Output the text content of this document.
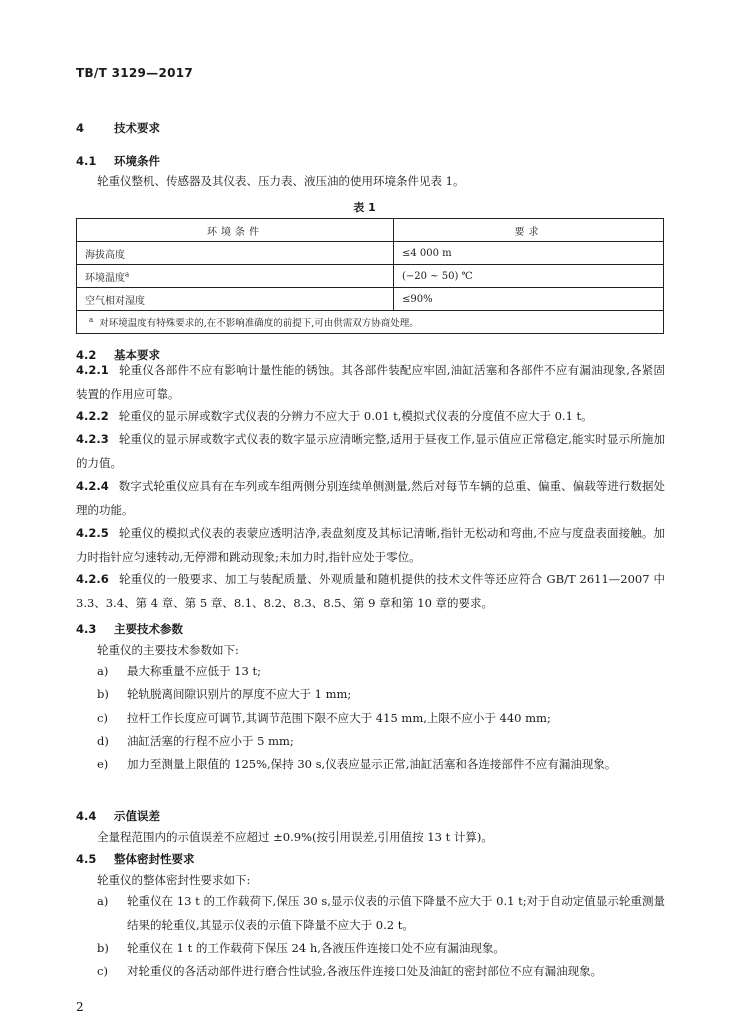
TB/T 3129—2017
4	技术要求
4.1 环境条件
轮重仪整机、传感器及其仪表、压力表、液压油的使用环境条件见表 1。
表 1
环境条件	要求
海拔高度	≤4 000 m
环境温度$^a$	(−20 ~ 50) ℃
空气相对湿度	≤90%
$^a$ 对环境温度有特殊要求的,在不影响准确度的前提下,可由供需双方协商处理。	
4.2 基本要求
4.2.1 轮重仪各部件不应有影响计量性能的锈蚀。其各部件装配应牢固,油缸活塞和各部件不应有漏油现象,各紧固装置的作用应可靠。
4.2.2 轮重仪的显示屏或数字式仪表的分辨力不应大于 0.01 t,模拟式仪表的分度值不应大于 0.1 t。
4.2.3 轮重仪的显示屏或数字式仪表的数字显示应清晰完整,适用于昼夜工作,显示值应正常稳定,能实时显示所施加的力值。
4.2.4 数字式轮重仪应具有在车列或车组两侧分别连续单侧测量,然后对每节车辆的总重、偏重、偏载等进行数据处理的功能。
4.2.5 轮重仪的模拟式仪表的表蒙应透明洁净,表盘刻度及其标记清晰,指针无松动和弯曲,不应与度盘表面接触。加力时指针应匀速转动,无停滞和跳动现象;未加力时,指针应处于零位。
4.2.6 轮重仪的一般要求、加工与装配质量、外观质量和随机提供的技术文件等还应符合 GB/T 2611—2007 中 3.3、3.4、第 4 章、第 5 章、8.1、8.2、8.3、8.5、第 9 章和第 10 章的要求。
4.3 主要技术参数
轮重仪的主要技术参数如下:
a) 最大称重量不应低于 13 t;
b) 轮轨脱离间隙识别片的厚度不应大于 1 mm;
c) 拉杆工作长度应可调节,其调节范围下限不应大于 415 mm,上限不应小于 440 mm;
d) 油缸活塞的行程不应小于 5 mm;
e) 加力至测量上限值的 125%,保持 30 s,仪表应显示正常,油缸活塞和各连接部件不应有漏油现象。
4.4 示值误差
全量程范围内的示值误差不应超过 ±0.9%(按引用误差,引用值按 13 t 计算)。
4.5 整体密封性要求
轮重仪的整体密封性要求如下:
a) 轮重仪在 13 t 的工作载荷下,保压 30 s,显示仪表的示值下降量不应大于 0.1 t;对于自动定值显示轮重测量结果的轮重仪,其显示仪表的示值下降量不应大于 0.2 t。
b) 轮重仪在 1 t 的工作载荷下保压 24 h,各液压件连接口处不应有漏油现象。
c) 对轮重仪的各活动部件进行磨合性试验,各液压件连接口处及油缸的密封部位不应有漏油现象。
2
